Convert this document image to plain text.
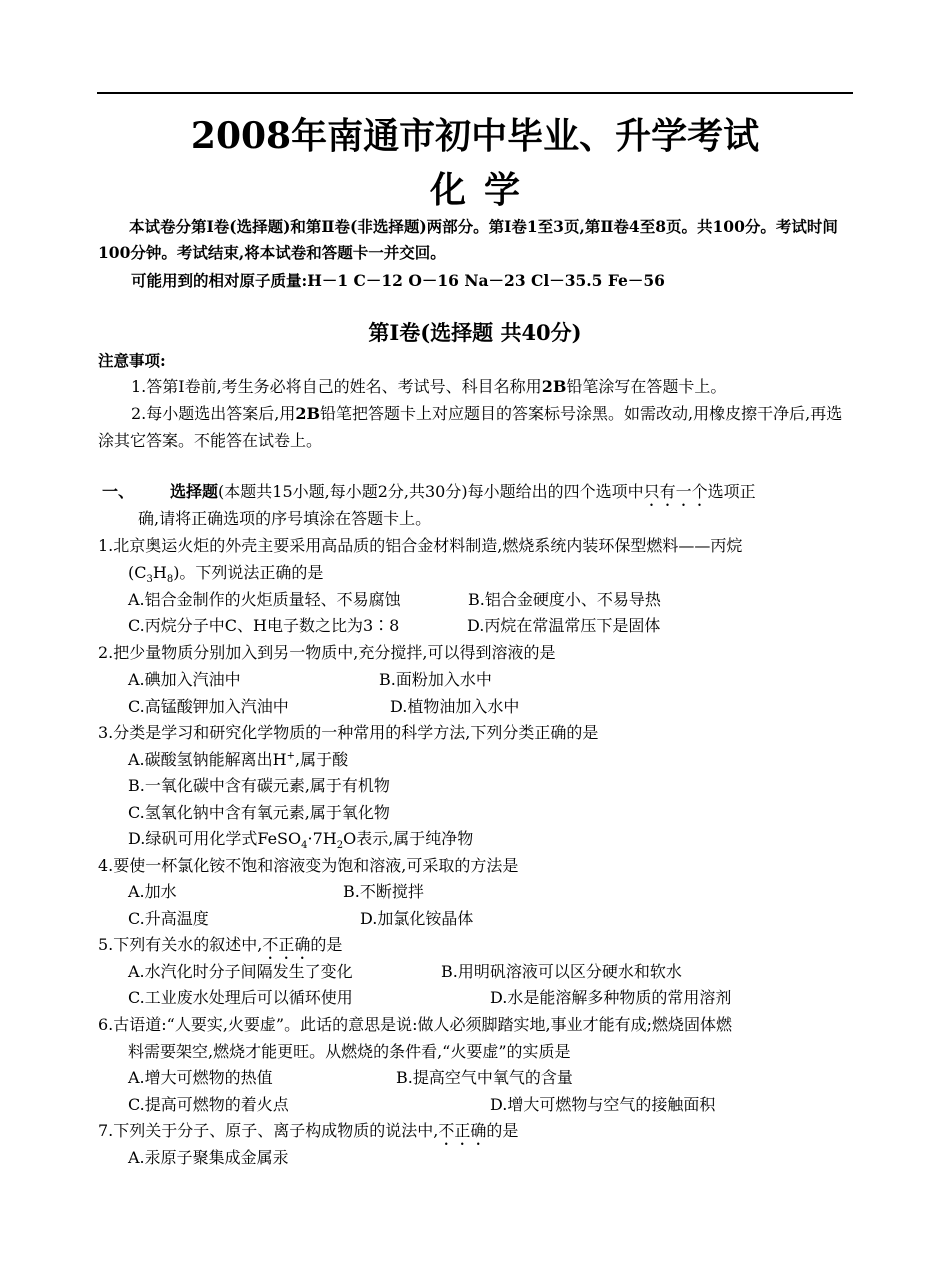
2008年南通市初中毕业、升学考试
化学
本试卷分第Ⅰ卷(选择题)和第Ⅱ卷(非选择题)两部分。第Ⅰ卷1至3页,第Ⅱ卷4至8页。共100分。考试时间100分钟。考试结束,将本试卷和答题卡一并交回。
可能用到的相对原子质量:H－1 C－12 O－16 Na－23 Cl－35.5 Fe－56
第Ⅰ卷(选择题 共40分)
注意事项:
1.答第Ⅰ卷前,考生务必将自己的姓名、考试号、科目名称用2B铅笔涂写在答题卡上。
2.每小题选出答案后,用2B铅笔把答题卡上对应题目的答案标号涂黑。如需改动,用橡皮擦干净后,再选涂其它答案。不能答在试卷上。
一、 选择题(本题共15小题,每小题2分,共30分)每小题给出的四个选项中只有一个选项正
确,请将正确选项的序号填涂在答题卡上。
1.北京奥运火炬的外壳主要采用高品质的铝合金材料制造,燃烧系统内装环保型燃料——丙烷
$(C_3H_8)$。下列说法正确的是
A.铝合金制作的火炬质量轻、不易腐蚀	B.铝合金硬度小、不易导热
C.丙烷分子中C、H电子数之比为3∶8	D.丙烷在常温常压下是固体
2.把少量物质分别加入到另一物质中,充分搅拌,可以得到溶液的是
A.碘加入汽油中	B.面粉加入水中
C.高锰酸钾加入汽油中	D.植物油加入水中
3.分类是学习和研究化学物质的一种常用的科学方法,下列分类正确的是
A.碳酸氢钠能解离出H+,属于酸
B.一氧化碳中含有碳元素,属于有机物
C.氢氧化钠中含有氧元素,属于氧化物
D.绿矾可用化学式$FeSO_4\cdot 7H_2O$表示,属于纯净物
4.要使一杯氯化铵不饱和溶液变为饱和溶液,可采取的方法是
A.加水	B.不断搅拌
C.升高温度	D.加氯化铵晶体
5.下列有关水的叙述中,不正确的是
A.水汽化时分子间隔发生了变化	B.用明矾溶液可以区分硬水和软水
C.工业废水处理后可以循环使用	D.水是能溶解多种物质的常用溶剂
6.古语道:“人要实,火要虚”。此话的意思是说:做人必须脚踏实地,事业才能有成;燃烧固体燃
料需要架空,燃烧才能更旺。从燃烧的条件看,“火要虚”的实质是
A.增大可燃物的热值	B.提高空气中氧气的含量
C.提高可燃物的着火点	D.增大可燃物与空气的接触面积
7.下列关于分子、原子、离子构成物质的说法中,不正确的是
A.汞原子聚集成金属汞
